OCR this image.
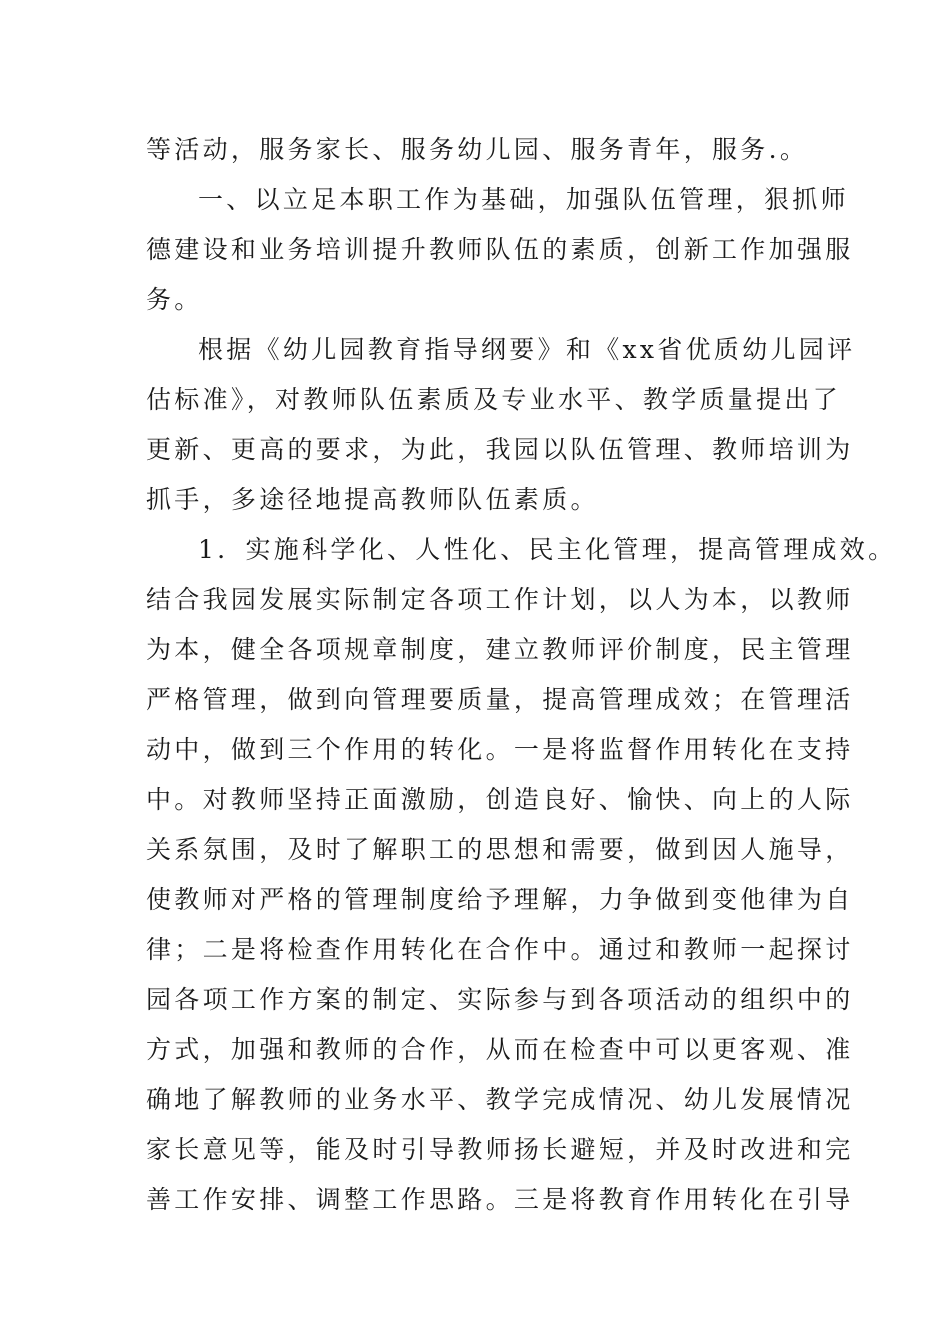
等活动，服务家长、服务幼儿园、服务青年，服务.。
一、以立足本职工作为基础，加强队伍管理，狠抓师
德建设和业务培训提升教师队伍的素质，创新工作加强服
务。
根据《幼儿园教育指导纲要》和《xx省优质幼儿园评
估标准》，对教师队伍素质及专业水平、教学质量提出了
更新、更高的要求，为此，我园以队伍管理、教师培训为
抓手，多途径地提高教师队伍素质。
1．实施科学化、人性化、民主化管理，提高管理成效。
结合我园发展实际制定各项工作计划，以人为本，以教师
为本，健全各项规章制度，建立教师评价制度，民主管理
严格管理，做到向管理要质量，提高管理成效；在管理活
动中，做到三个作用的转化。一是将监督作用转化在支持
中。对教师坚持正面激励，创造良好、愉快、向上的人际
关系氛围，及时了解职工的思想和需要，做到因人施导，
使教师对严格的管理制度给予理解，力争做到变他律为自
律；二是将检查作用转化在合作中。通过和教师一起探讨
园各项工作方案的制定、实际参与到各项活动的组织中的
方式，加强和教师的合作，从而在检查中可以更客观、准
确地了解教师的业务水平、教学完成情况、幼儿发展情况
家长意见等，能及时引导教师扬长避短，并及时改进和完
善工作安排、调整工作思路。三是将教育作用转化在引导
